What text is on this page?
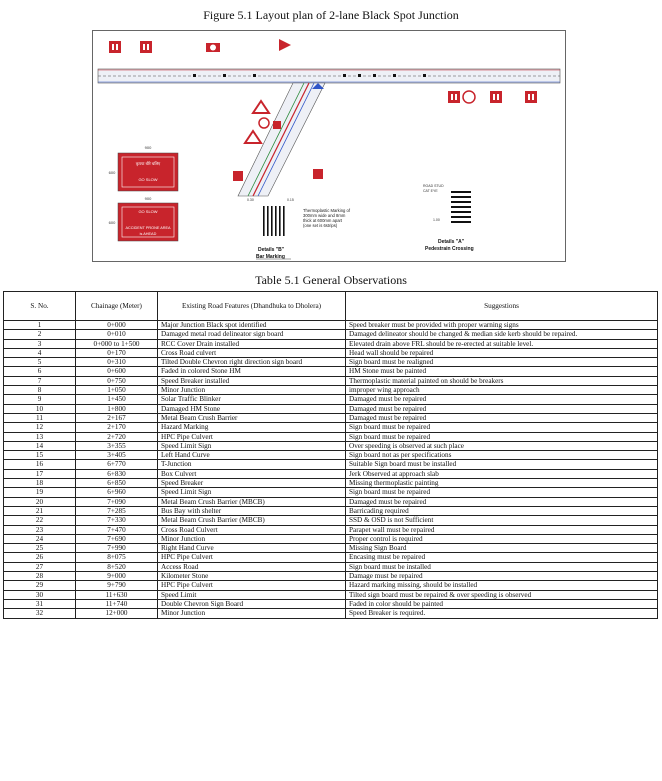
Figure 5.1 Layout plan of 2-lane Black Spot Junction
कृपया धीरे चलिए
GO SLOW
900
600
GO SLOW
ACCIDENT PRONE AREA
is AHEAD
900
600
0.30	0.15
Thermoplastic Marking of
300mm wide and 8mm
thick at 600mm apart
(one set is 6strips)
Details "B"
Bar Marking
ROAD STUD
CAT EYE
1.00
Details "A"
Pedestrain Crossing
Table 5.1 General Observations
S. No.	Chainage (Meter)	Existing Road Features (Dhandhuka to Dholera)	Suggestions
1	0+000	Major Junction Black spot identified	Speed breaker must be provided with proper warning signs
2	0+010	Damaged metal road delineator sign board	Damaged delineator should be changed & median side kerb should be repaired.
3	0+000 to 1+500	RCC Cover Drain installed	Elevated drain above FRL should be re-erected at suitable level.
4	0+170	Cross Road culvert	Head wall should be repaired
5	0+310	Tilted Double Chevron right direction sign board	Sign board must be realigned
6	0+600	Faded in colored Stone HM	HM Stone must be painted
7	0+750	Speed Breaker installed	Thermoplastic material painted on should be breakers
8	1+050	Minor Junction	improper wing approach
9	1+450	Solar Traffic Blinker	Damaged must be repaired
10	1+800	Damaged HM Stone	Damaged must be repaired
11	2+167	Metal Beam Crush Barrier	Damaged must be repaired
12	2+170	Hazard Marking	Sign board must be repaired
13	2+720	HPC Pipe Culvert	Sign board must be repaired
14	3+355	Speed Limit Sign	Over speeding is observed at such place
15	3+405	Left Hand Curve	Sign board not as per specifications
16	6+770	T-Junction	Suitable Sign board must be installed
17	6+830	Box Culvert	Jerk Observed at approach slab
18	6+850	Speed Breaker	Missing thermoplastic painting
19	6+960	Speed Limit Sign	Sign board must be repaired
20	7+090	Metal Beam Crush Barrier (MBCB)	Damaged must be repaired
21	7+285	Bus Bay with shelter	Barricading required
22	7+330	Metal Beam Crush Barrier (MBCB)	SSD & OSD is not Sufficient
23	7+470	Cross Road Culvert	Parapet wall must be repaired
24	7+690	Minor Junction	Proper control is required
25	7+990	Right Hand Curve	Missing Sign Board
26	8+075	HPC Pipe Culvert	Encasing must be repaired
27	8+520	Access Road	Sign board must be installed
28	9+000	Kilometer Stone	Damage must be repaired
29	9+790	HPC Pipe Culvert	Hazard marking missing, should be installed
30	11+630	Speed Limit	Tilted sign board must be repaired & over speeding is observed
31	11+740	Double Chevron Sign Board	Faded in color should be painted
32	12+000	Minor Junction	Speed Breaker is required.
